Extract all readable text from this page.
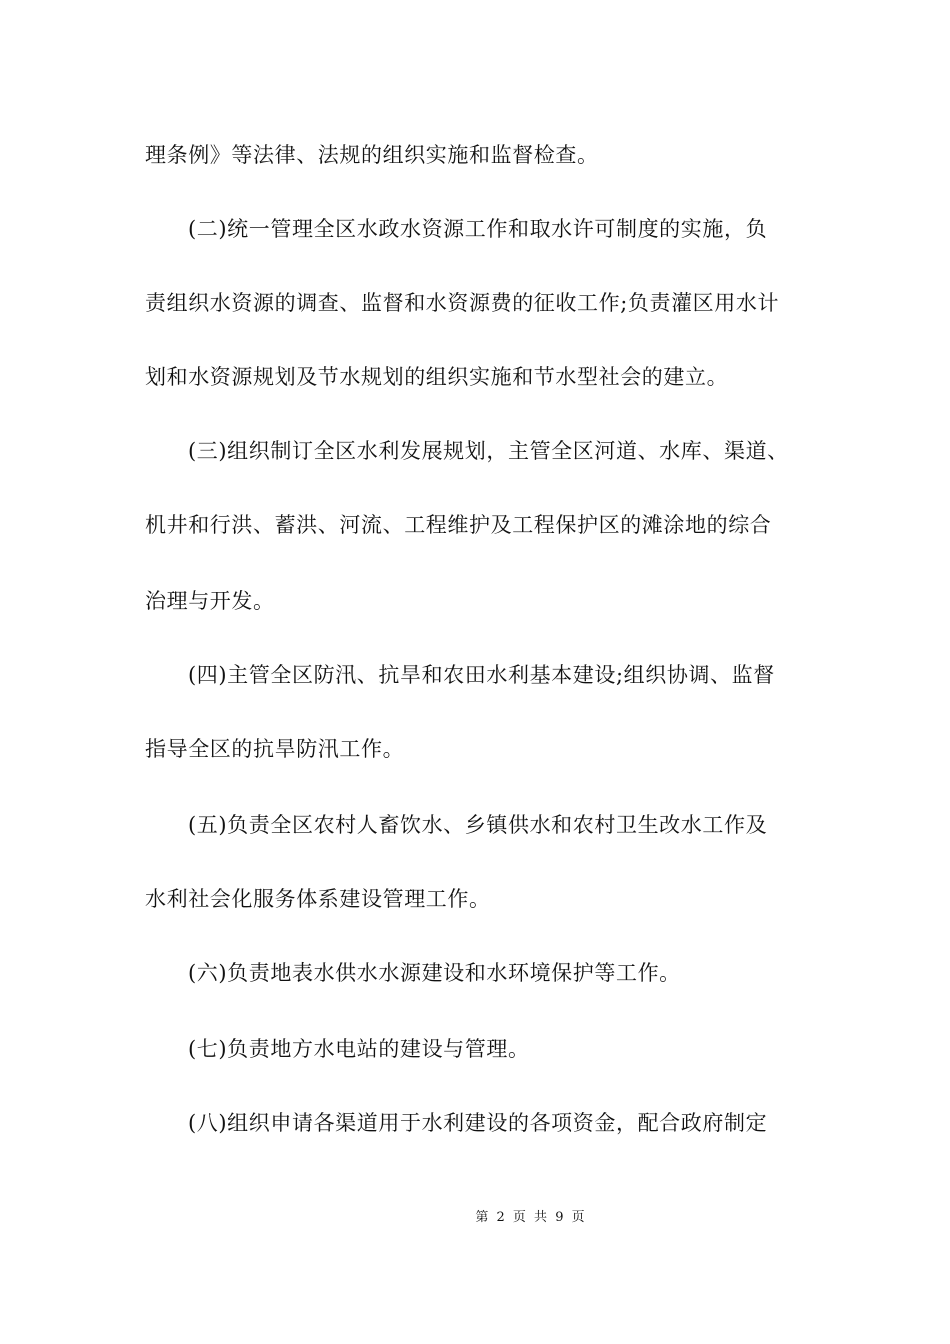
理条例》等法律、法规的组织实施和监督检查。
(二)统一管理全区水政水资源工作和取水许可制度的实施，负
责组织水资源的调查、监督和水资源费的征收工作;负责灌区用水计
划和水资源规划及节水规划的组织实施和节水型社会的建立。
(三)组织制订全区水利发展规划，主管全区河道、水库、渠道、
机井和行洪、蓄洪、河流、工程维护及工程保护区的滩涂地的综合
治理与开发。
(四)主管全区防汛、抗旱和农田水利基本建设;组织协调、监督
指导全区的抗旱防汛工作。
(五)负责全区农村人畜饮水、乡镇供水和农村卫生改水工作及
水利社会化服务体系建设管理工作。
(六)负责地表水供水水源建设和水环境保护等工作。
(七)负责地方水电站的建设与管理。
(八)组织申请各渠道用于水利建设的各项资金，配合政府制定
第 2 页 共 9 页
